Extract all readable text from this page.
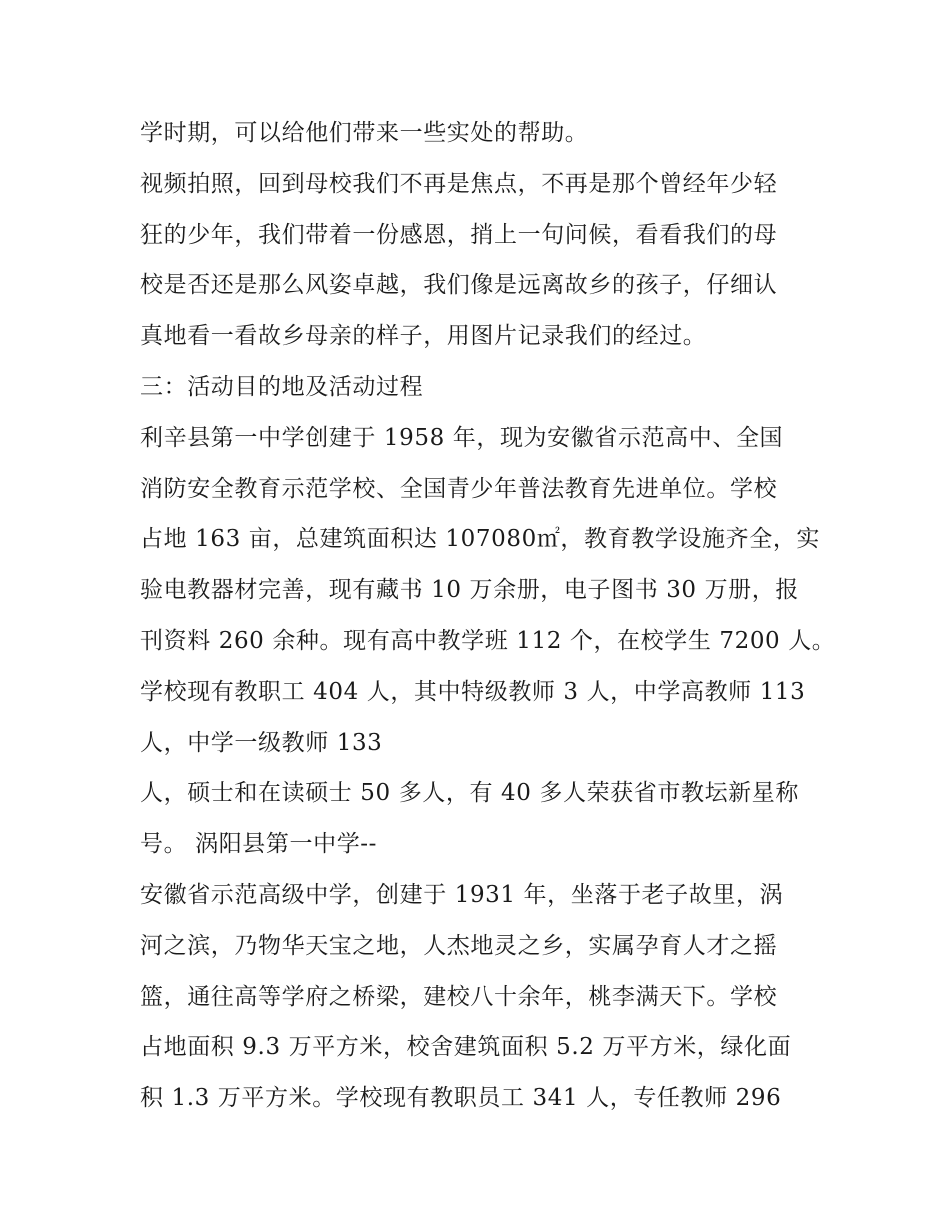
学时期，可以给他们带来一些实处的帮助。
视频拍照，回到母校我们不再是焦点，不再是那个曾经年少轻
狂的少年，我们带着一份感恩，捎上一句问候，看看我们的母
校是否还是那么风姿卓越，我们像是远离故乡的孩子，仔细认
真地看一看故乡母亲的样子，用图片记录我们的经过。
三：活动目的地及活动过程
利辛县第一中学创建于 1958 年，现为安徽省示范高中、全国
消防安全教育示范学校、全国青少年普法教育先进单位。学校
占地 163 亩，总建筑面积达 107080㎡，教育教学设施齐全，实
验电教器材完善，现有藏书 10 万余册，电子图书 30 万册，报
刊资料 260 余种。现有高中教学班 112 个，在校学生 7200 人。
学校现有教职工 404 人，其中特级教师 3 人，中学高教师 113
人，中学一级教师 133
人，硕士和在读硕士 50 多人，有 40 多人荣获省市教坛新星称
号。 涡阳县第一中学--
安徽省示范高级中学，创建于 1931 年，坐落于老子故里，涡
河之滨，乃物华天宝之地，人杰地灵之乡，实属孕育人才之摇
篮，通往高等学府之桥梁，建校八十余年，桃李满天下。学校
占地面积 9.3 万平方米，校舍建筑面积 5.2 万平方米，绿化面
积 1.3 万平方米。学校现有教职员工 341 人，专任教师 296
